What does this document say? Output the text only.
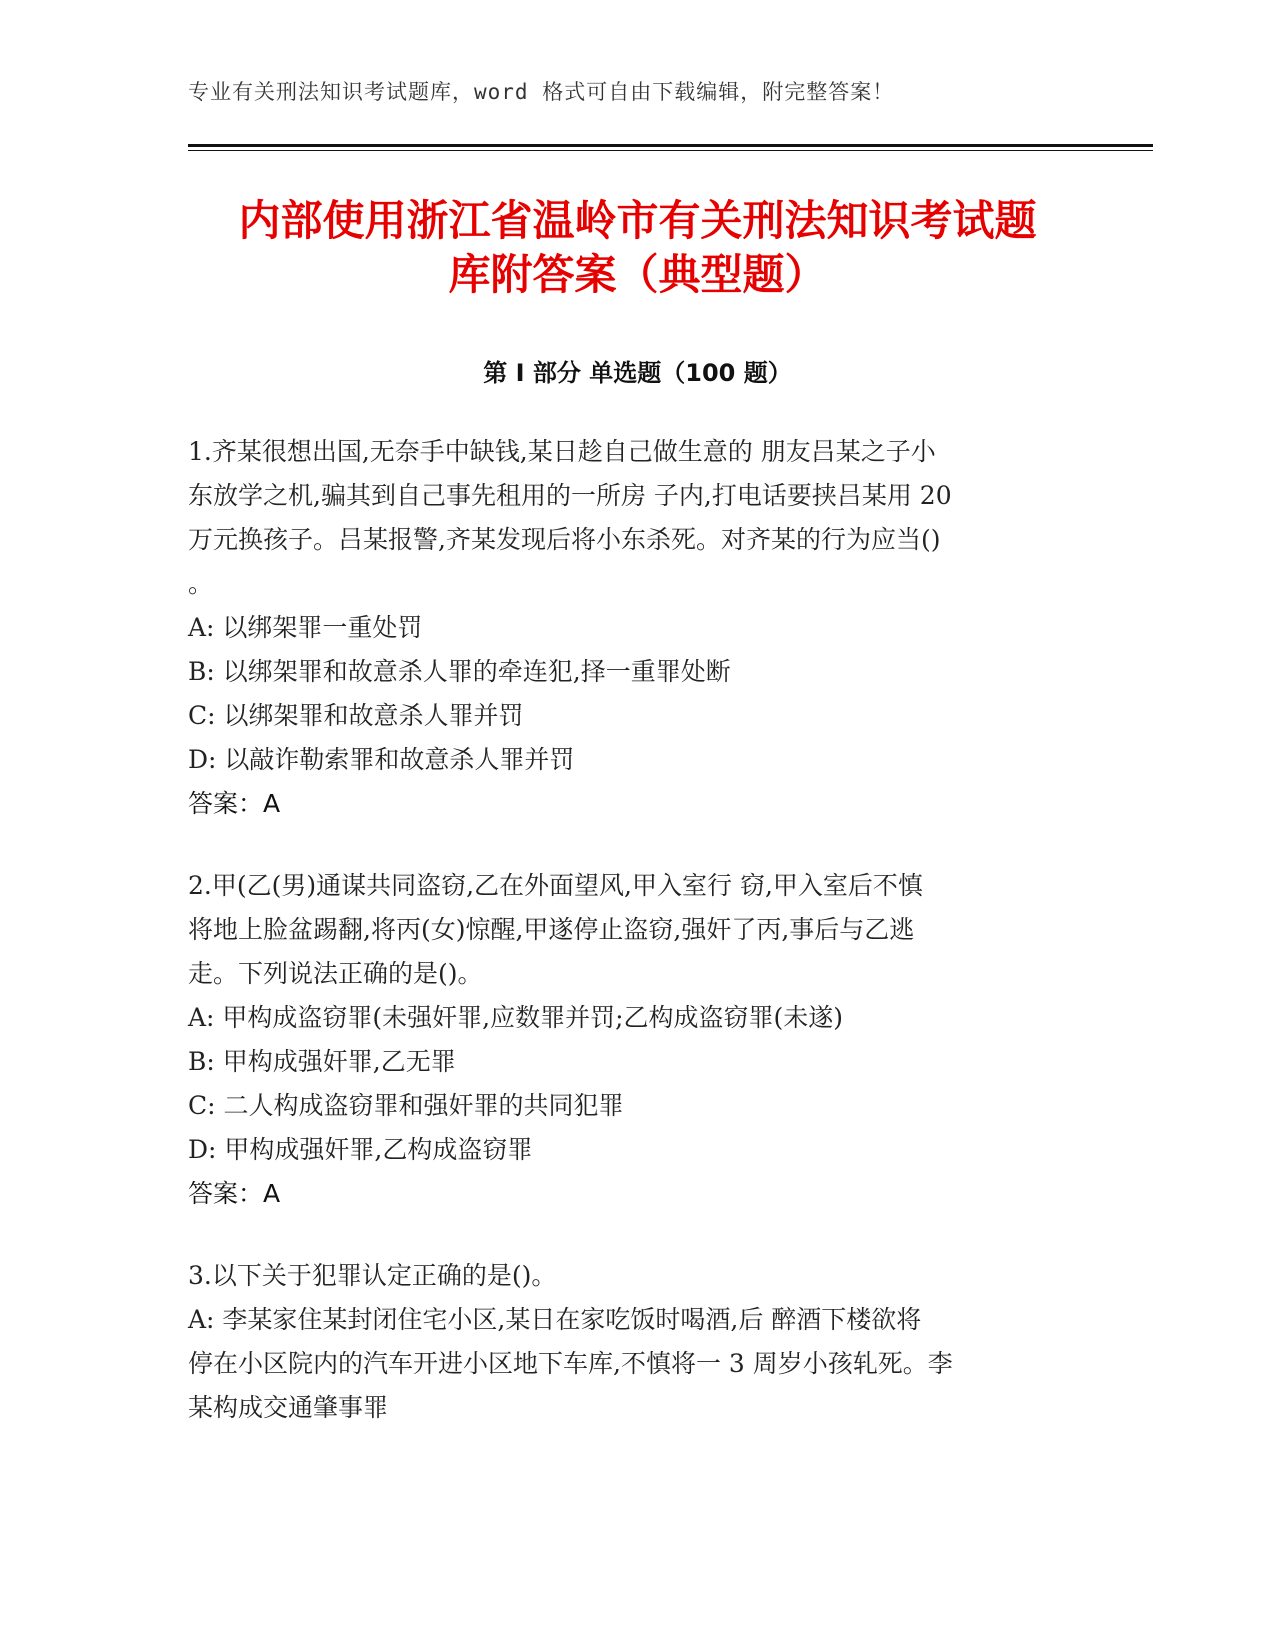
专业有关刑法知识考试题库，word 格式可自由下载编辑，附完整答案！
内部使用浙江省温岭市有关刑法知识考试题
库附答案（典型题）
第 I 部分 单选题（100 题）
1.齐某很想出国,无奈手中缺钱,某日趁自己做生意的 朋友吕某之子小
东放学之机,骗其到自己事先租用的一所房 子内,打电话要挟吕某用 20
万元换孩子。吕某报警,齐某发现后将小东杀死。对齐某的行为应当()
。
A: 以绑架罪一重处罚
B: 以绑架罪和故意杀人罪的牵连犯,择一重罪处断
C: 以绑架罪和故意杀人罪并罚
D: 以敲诈勒索罪和故意杀人罪并罚
答案：A
2.甲(乙(男)通谋共同盗窃,乙在外面望风,甲入室行 窃,甲入室后不慎
将地上脸盆踢翻,将丙(女)惊醒,甲遂停止盗窃,强奸了丙,事后与乙逃
走。下列说法正确的是()。
A: 甲构成盗窃罪(未强奸罪,应数罪并罚;乙构成盗窃罪(未遂)
B: 甲构成强奸罪,乙无罪
C: 二人构成盗窃罪和强奸罪的共同犯罪
D: 甲构成强奸罪,乙构成盗窃罪
答案：A
3.以下关于犯罪认定正确的是()。
A: 李某家住某封闭住宅小区,某日在家吃饭时喝酒,后 醉酒下楼欲将
停在小区院内的汽车开进小区地下车库,不慎将一 3 周岁小孩轧死。李
某构成交通肇事罪
